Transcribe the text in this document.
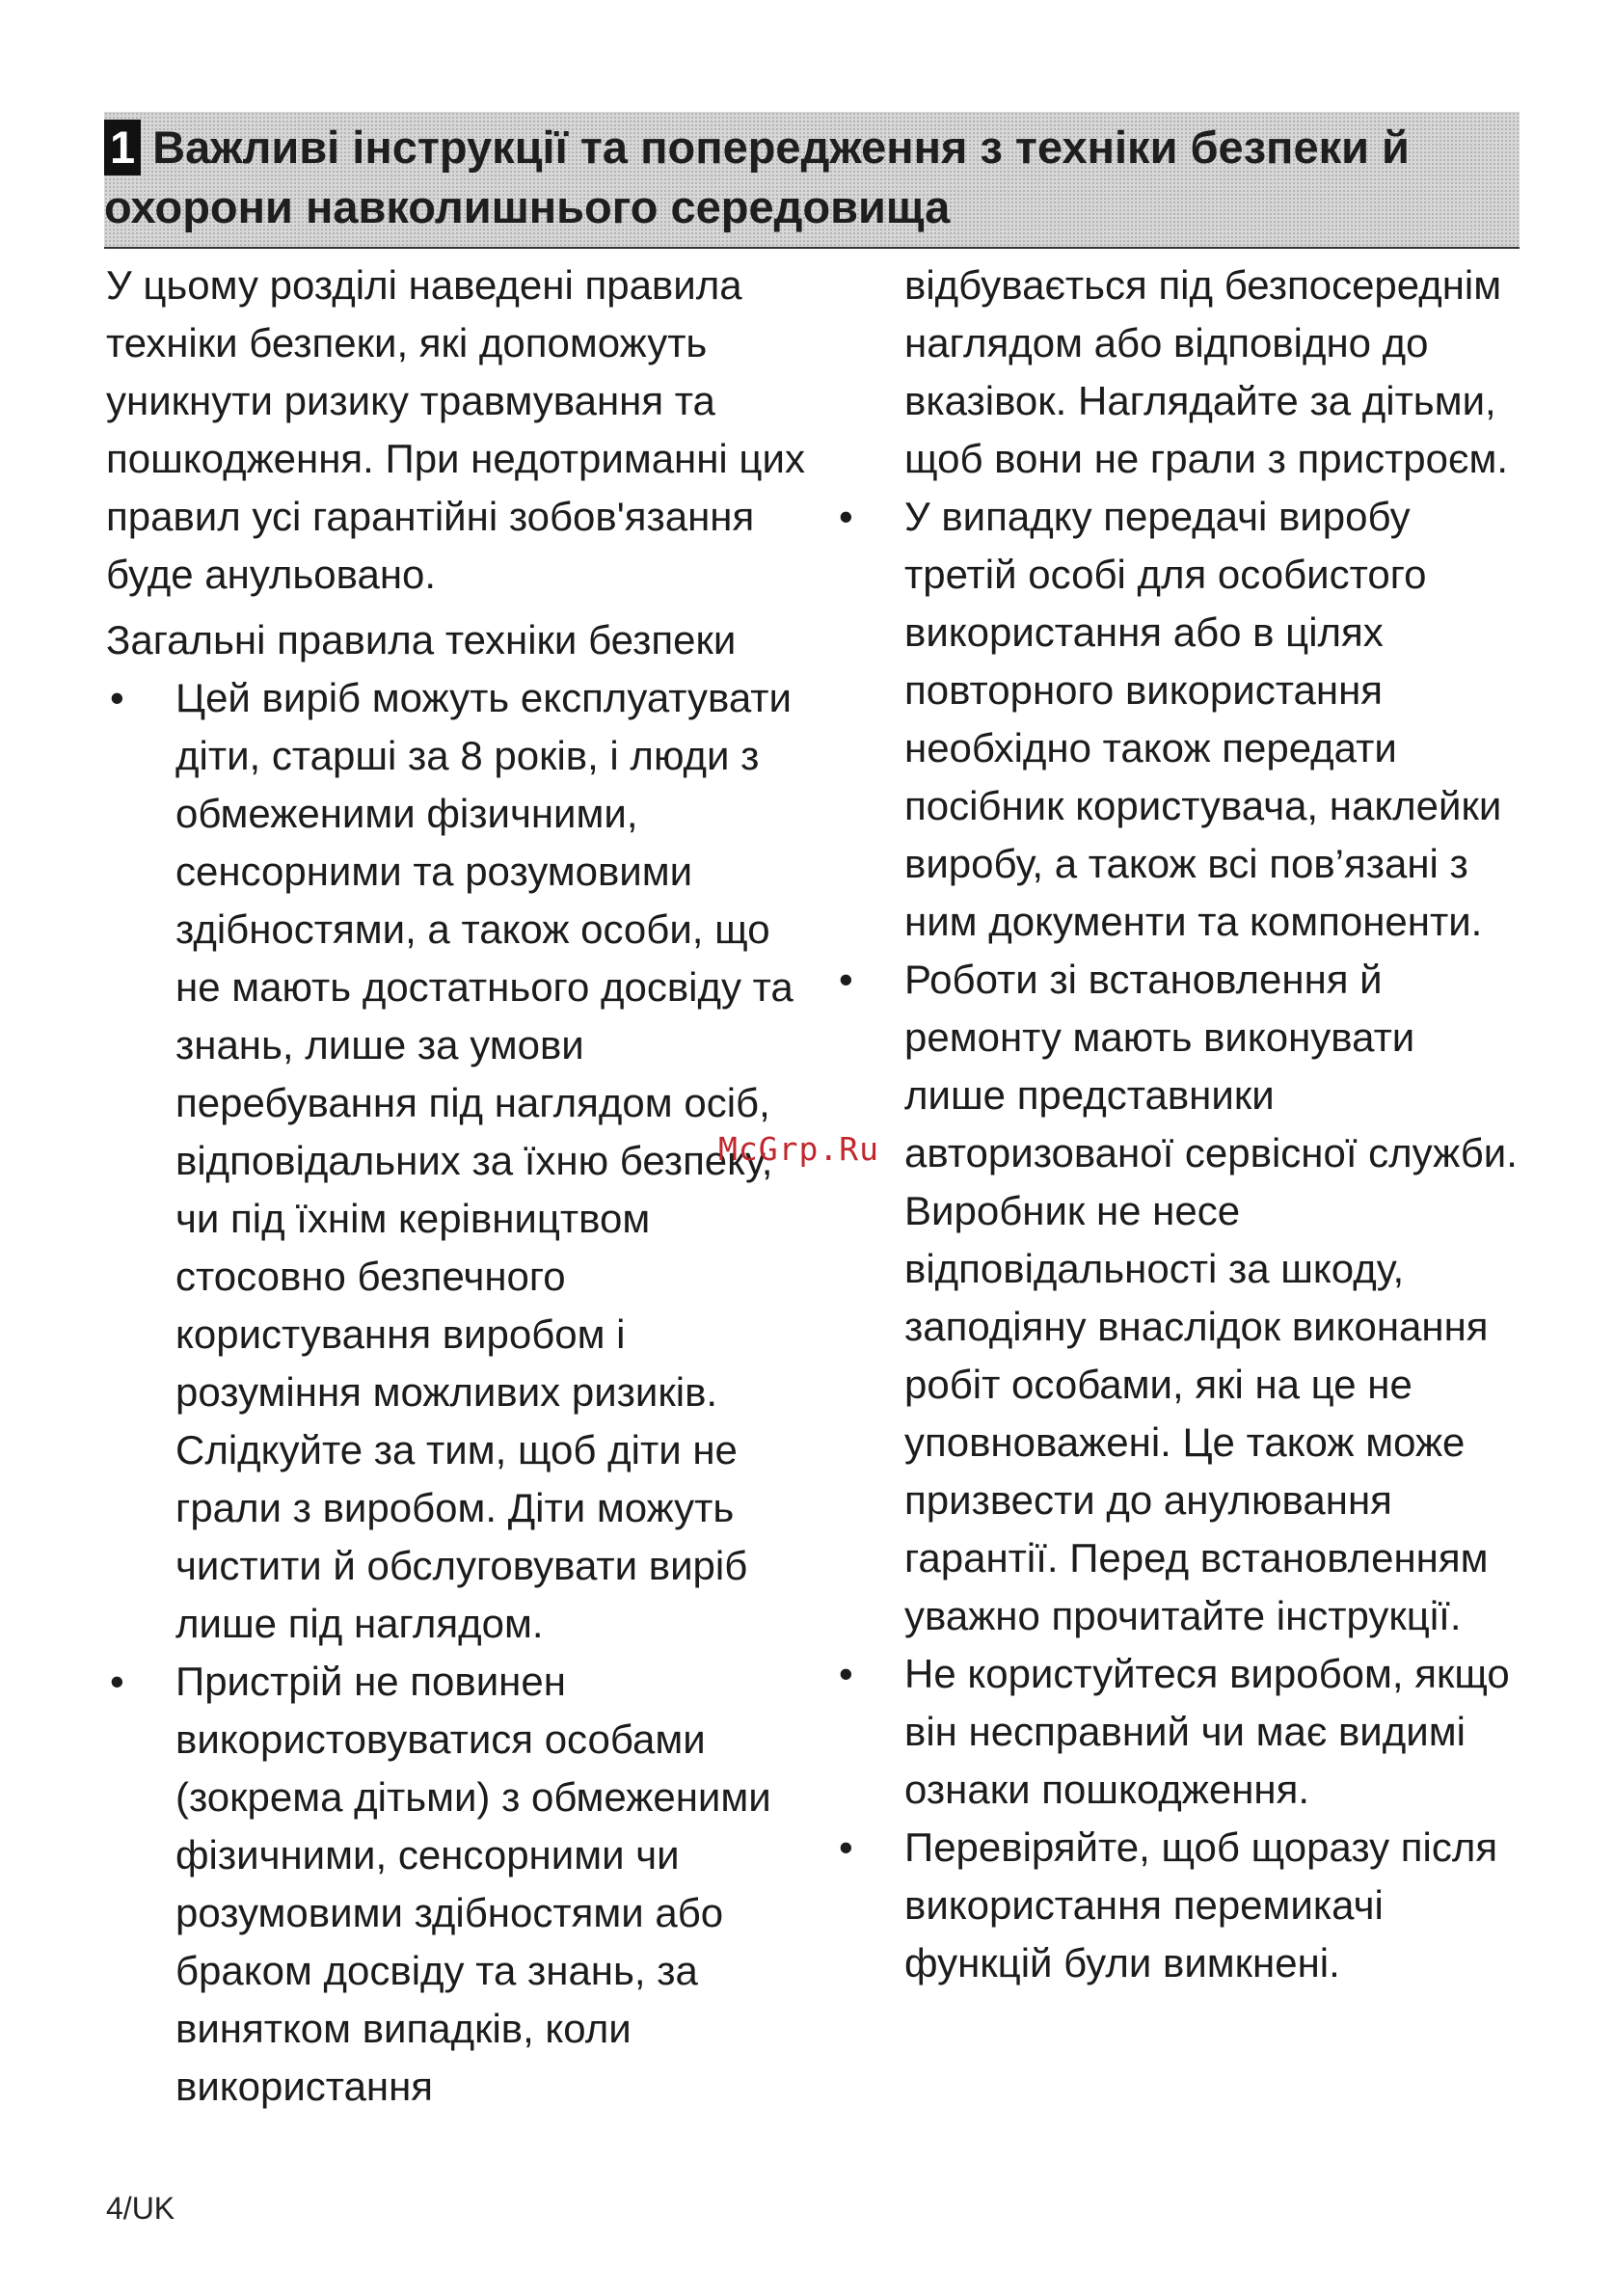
1 Важливі інструкції та попередження з техніки безпеки й охорони навколишнього середовища

У цьому розділі наведені правила техніки безпеки, які допоможуть уникнути ризику травмування та пошкодження. При недотриманні цих правил усі гарантійні зобов'язання буде анульовано.

Загальні правила техніки безпеки

• Цей виріб можуть експлуатувати діти, старші за 8 років, і люди з обмеженими фізичними, сенсорними та розумовими здібностями, а також особи, що не мають достатнього досвіду та знань, лише за умови перебування під наглядом осіб, відповідальних за їхню безпеку, чи під їхнім керівництвом стосовно безпечного користування виробом і розуміння можливих ризиків. Слідкуйте за тим, щоб діти не грали з виробом. Діти можуть чистити й обслуговувати виріб лише під наглядом.
• Пристрій не повинен використовуватися особами (зокрема дітьми) з обмеженими фізичними, сенсорними чи розумовими здібностями або браком досвіду та знань, за винятком випадків, коли використання

відбувається під безпосереднім наглядом або відповідно до вказівок. Наглядайте за дітьми, щоб вони не грали з пристроєм.

• У випадку передачі виробу третій особі для особистого використання або в цілях повторного використання необхідно також передати посібник користувача, наклейки виробу, а також всі пов’язані з ним документи та компоненти.
• Роботи зі встановлення й ремонту мають виконувати лише представники авторизованої сервісної служби. Виробник не несе відповідальності за шкоду, заподіяну внаслідок виконання робіт особами, які на це не уповноважені. Це також може призвести до анулювання гарантії. Перед встановленням уважно прочитайте інструкції.
• Не користуйтеся виробом, якщо він несправний чи має видимі ознаки пошкодження.
• Перевіряйте, щоб щоразу після використання перемикачі функцій були вимкнені.
McGrp.Ru
4/UK
